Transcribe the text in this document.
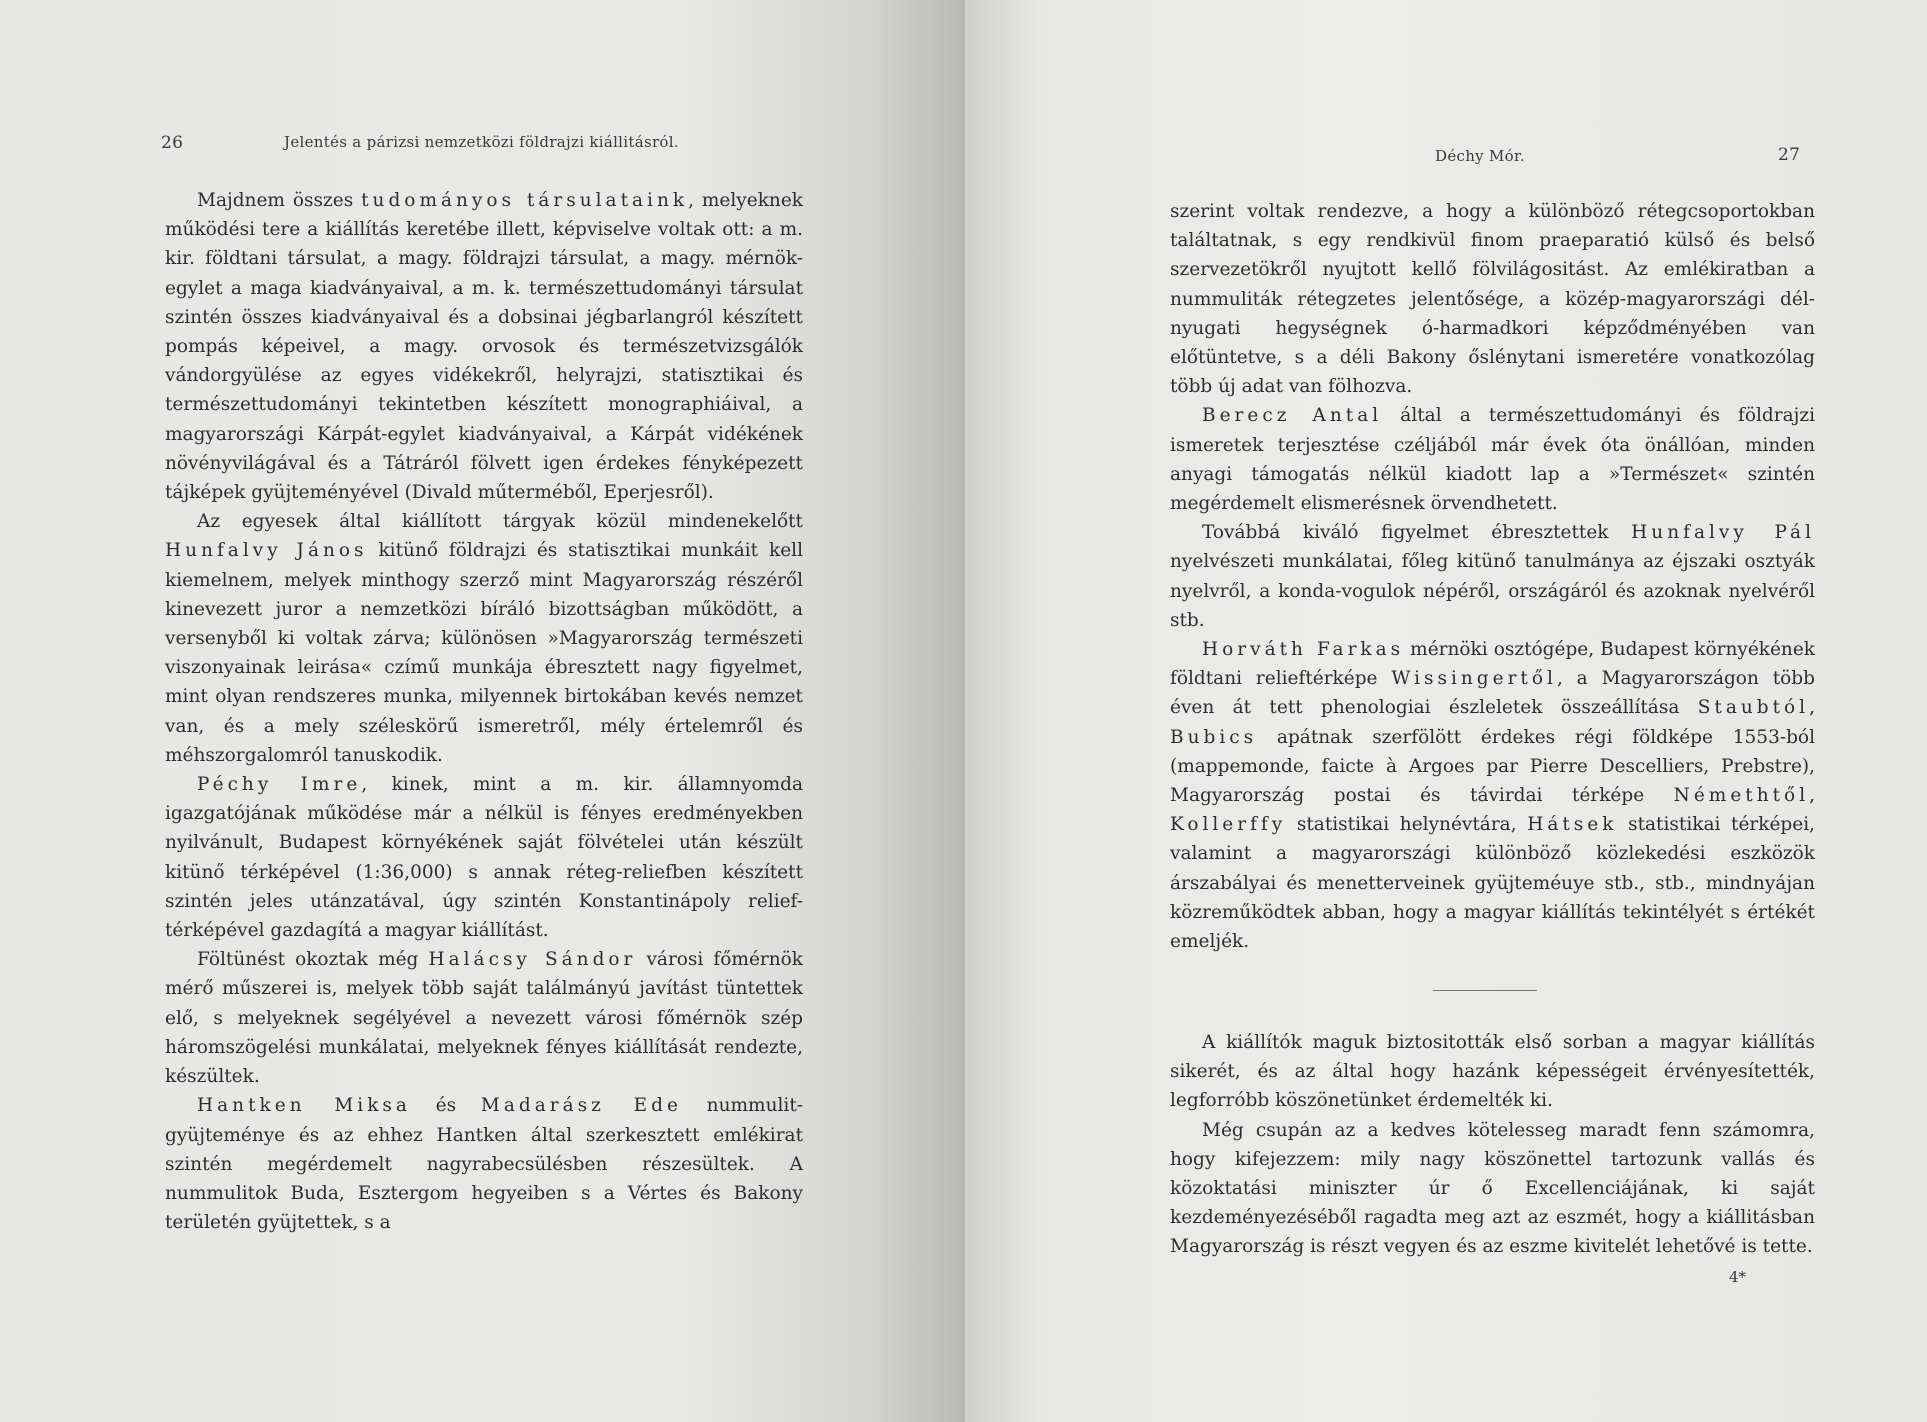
26	Jelentés a párizsi nemzetközi földrajzi kiállitásról.

Majdnem összes tudományos társulataink, melyeknek működési tere a kiállítás keretébe illett, képviselve voltak ott: a m. kir. földtani társulat, a magy. földrajzi társulat, a magy. mérnök-egylet a maga kiadványaival, a m. k. természettudományi társulat szintén összes kiadványaival és a dobsinai jégbarlangról készített pompás képeivel, a magy. orvosok és természetvizsgálók vándorgyülése az egyes vidékekről, helyrajzi, statisztikai és természettudományi tekintetben készített monographiáival, a magyarországi Kárpát-egylet kiadványaival, a Kárpát vidékének növényvilágával és a Tátráról fölvett igen érdekes fényképezett tájképek gyüjteményével (Divald műterméből, Eperjesről).

Az egyesek által kiállított tárgyak közül mindenekelőtt Hunfalvy János kitünő földrajzi és statisztikai munkáit kell kiemelnem, melyek minthogy szerző mint Magyarország részéről kinevezett juror a nemzetközi bíráló bizottságban működött, a versenyből ki voltak zárva; különösen »Magyarország természeti viszonyainak leirása« czímű munkája ébresztett nagy figyelmet, mint olyan rendszeres munka, milyennek birtokában kevés nemzet van, és a mely széleskörű ismeretről, mély értelemről és méhszorgalomról tanuskodik.

Péchy Imre, kinek, mint a m. kir. államnyomda igazgatójának működése már a nélkül is fényes eredményekben nyilvánult, Budapest környékének saját fölvételei után készült kitünő térképével (1:36,000) s annak réteg-reliefben készített szintén jeles utánzatával, úgy szintén Konstantinápoly relief-térképével gazdagítá a magyar kiállítást.

Föltünést okoztak még Halácsy Sándor városi főmérnök mérő műszerei is, melyek több saját találmányú javítást tüntettek elő, s melyeknek segélyével a nevezett városi főmérnök szép háromszögelési munkálatai, melyeknek fényes kiállítását rendezte, készültek.

Hantken Miksa és Madarász Ede nummulit-gyüjteménye és az ehhez Hantken által szerkesztett emlékirat szintén megérdemelt nagyrabecsülésben részesültek. A nummulitok Buda, Esztergom hegyeiben s a Vértes és Bakony területén gyüjtettek, s a

Déchy Mór.	27

szerint voltak rendezve, a hogy a különböző rétegcsoportokban találtatnak, s egy rendkivül finom praeparatió külső és belső szervezetökről nyujtott kellő fölvilágositást. Az emlékiratban a nummuliták rétegzetes jelentősége, a közép-magyarországi dél-nyugati hegységnek ó-harmadkori képződményében van előtüntetve, s a déli Bakony őslénytani ismeretére vonatkozólag több új adat van fölhozva.

Berecz Antal által a természettudományi és földrajzi ismeretek terjesztése czéljából már évek óta önállóan, minden anyagi támogatás nélkül kiadott lap a »Természet« szintén megérdemelt elismerésnek örvendhetett.

Továbbá kiváló figyelmet ébresztettek Hunfalvy Pál nyelvészeti munkálatai, főleg kitünő tanulmánya az éjszaki osztyák nyelvről, a konda-vogulok népéről, országáról és azoknak nyelvéről stb.

Horváth Farkas mérnöki osztógépe, Budapest környékének földtani relieftérképe Wissingertől, a Magyarországon több éven át tett phenologiai észleletek összeállítása Staubtól, Bubics apátnak szerfölött érdekes régi földképe 1553-ból (mappemonde, faicte à Argoes par Pierre Descelliers, Prebstre), Magyarország postai és távirdai térképe Némethtől, Kollerffy statistikai helynévtára, Hátsek statistikai térképei, valamint a magyarországi különböző közlekedési eszközök árszabályai és menetterveinek gyüjteméuye stb., stb., mindnyájan közreműködtek abban, hogy a magyar kiállítás tekintélyét s értékét emeljék.

A kiállítók maguk biztositották első sorban a magyar kiállítás sikerét, és az által hogy hazánk képességeit érvényesítették, legforróbb köszönetünket érdemelték ki.

Még csupán az a kedves kötelesseg maradt fenn számomra, hogy kifejezzem: mily nagy köszönettel tartozunk vallás és közoktatási miniszter úr ő Excellenciájának, ki saját kezdeményezéséből ragadta meg azt az eszmét, hogy a kiállitásban Magyarország is részt vegyen és az eszme kivitelét lehetővé is tette.

4*
